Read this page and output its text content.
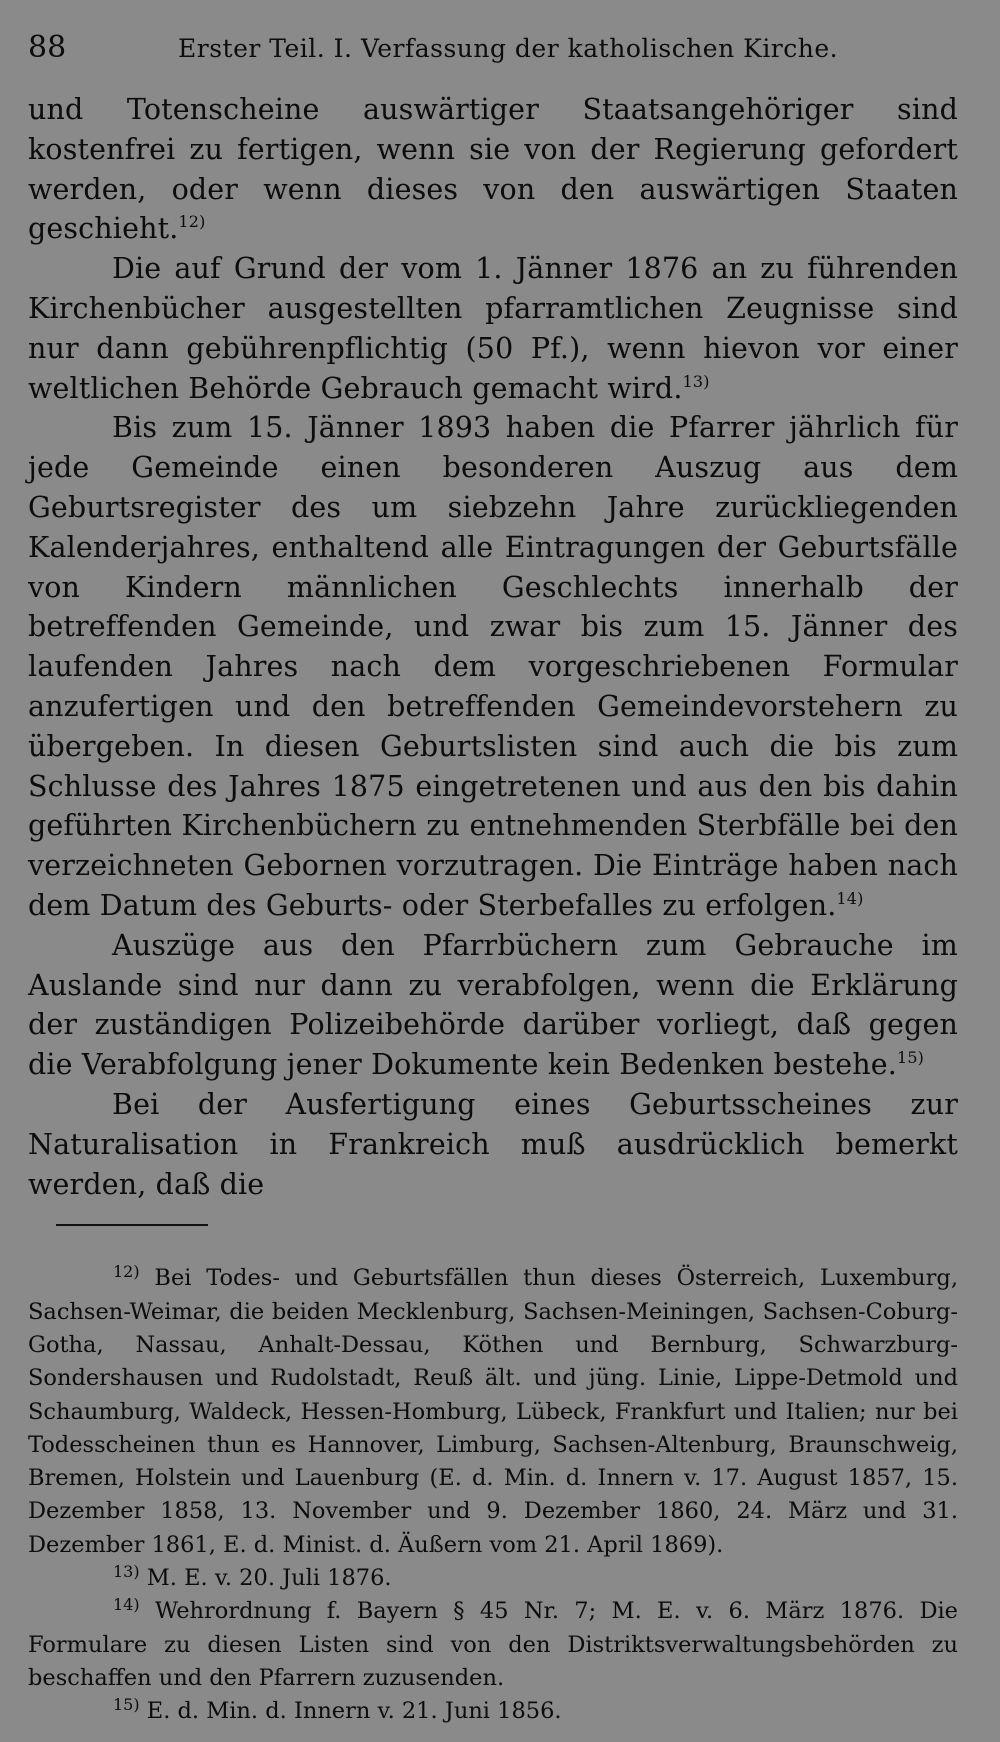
88	Erster Teil. I. Verfassung der katholischen Kirche.

und Totenscheine auswärtiger Staatsangehöriger sind kostenfrei zu fertigen, wenn sie von der Regierung gefordert werden, oder wenn dieses von den auswärtigen Staaten geschieht.$^{12)}$

Die auf Grund der vom 1. Jänner 1876 an zu führenden Kirchenbücher ausgestellten pfarramtlichen Zeugnisse sind nur dann gebührenpflichtig (50 Pf.), wenn hievon vor einer weltlichen Behörde Gebrauch gemacht wird.$^{13)}$

Bis zum 15. Jänner 1893 haben die Pfarrer jährlich für jede Gemeinde einen besonderen Auszug aus dem Geburtsregister des um siebzehn Jahre zurückliegenden Kalenderjahres, enthaltend alle Eintragungen der Geburtsfälle von Kindern männlichen Geschlechts innerhalb der betreffenden Gemeinde, und zwar bis zum 15. Jänner des laufenden Jahres nach dem vorgeschriebenen Formular anzufertigen und den betreffenden Gemeindevorstehern zu übergeben. In diesen Geburtslisten sind auch die bis zum Schlusse des Jahres 1875 eingetretenen und aus den bis dahin geführten Kirchenbüchern zu entnehmenden Sterbfälle bei den verzeichneten Gebornen vorzutragen. Die Einträge haben nach dem Datum des Geburts- oder Sterbefalles zu erfolgen.$^{14)}$

Auszüge aus den Pfarrbüchern zum Gebrauche im Auslande sind nur dann zu verabfolgen, wenn die Erklärung der zuständigen Polizeibehörde darüber vorliegt, daß gegen die Verabfolgung jener Dokumente kein Bedenken bestehe.$^{15)}$

Bei der Ausfertigung eines Geburtsscheines zur Naturalisation in Frankreich muß ausdrücklich bemerkt werden, daß die

$^{12)}$ Bei Todes- und Geburtsfällen thun dieses Österreich, Luxemburg, Sachsen-Weimar, die beiden Mecklenburg, Sachsen-Meiningen, Sachsen-Coburg-Gotha, Nassau, Anhalt-Dessau, Köthen und Bernburg, Schwarzburg-Sondershausen und Rudolstadt, Reuß ält. und jüng. Linie, Lippe-Detmold und Schaumburg, Waldeck, Hessen-Homburg, Lübeck, Frankfurt und Italien; nur bei Todesscheinen thun es Hannover, Limburg, Sachsen-Altenburg, Braunschweig, Bremen, Holstein und Lauenburg (E. d. Min. d. Innern v. 17. August 1857, 15. Dezember 1858, 13. November und 9. Dezember 1860, 24. März und 31. Dezember 1861, E. d. Minist. d. Äußern vom 21. April 1869).

$^{13)}$ M. E. v. 20. Juli 1876.

$^{14)}$ Wehrordnung f. Bayern § 45 Nr. 7; M. E. v. 6. März 1876. Die Formulare zu diesen Listen sind von den Distriktsverwaltungsbehörden zu beschaffen und den Pfarrern zuzusenden.

$^{15)}$ E. d. Min. d. Innern v. 21. Juni 1856.
